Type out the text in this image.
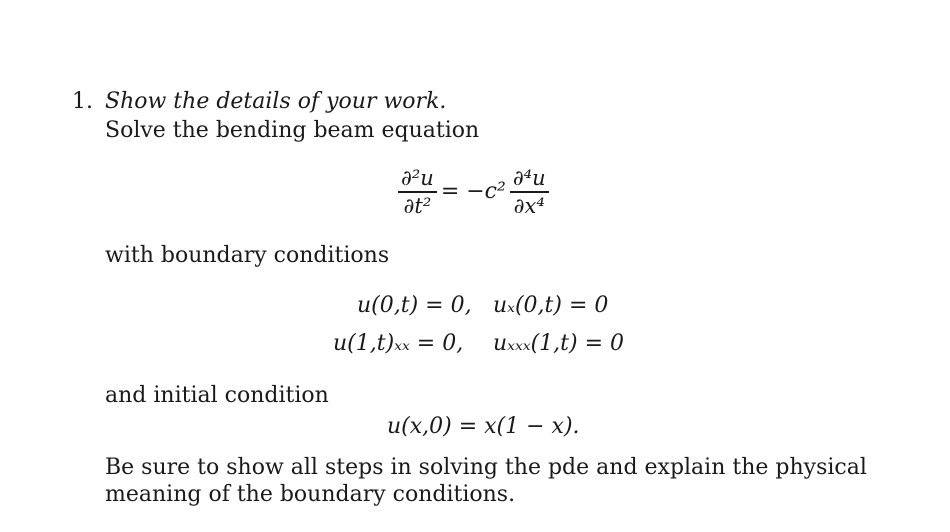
1. Show the details of your work.
Solve the bending beam equation
$\frac{\text{∂²u}}{\text{∂t²}} = -c^2 \frac{\text{∂⁴u}}{\text{∂x⁴}}$
with boundary conditions
u(0,t) = 0, uₓ(0,t) = 0
u(1,t)ₓₓ = 0, uₓₓₓ(1,t) = 0
and initial condition
u(x,0) = x(1 − x).
Be sure to show all steps in solving the pde and explain the physical
meaning of the boundary conditions.
